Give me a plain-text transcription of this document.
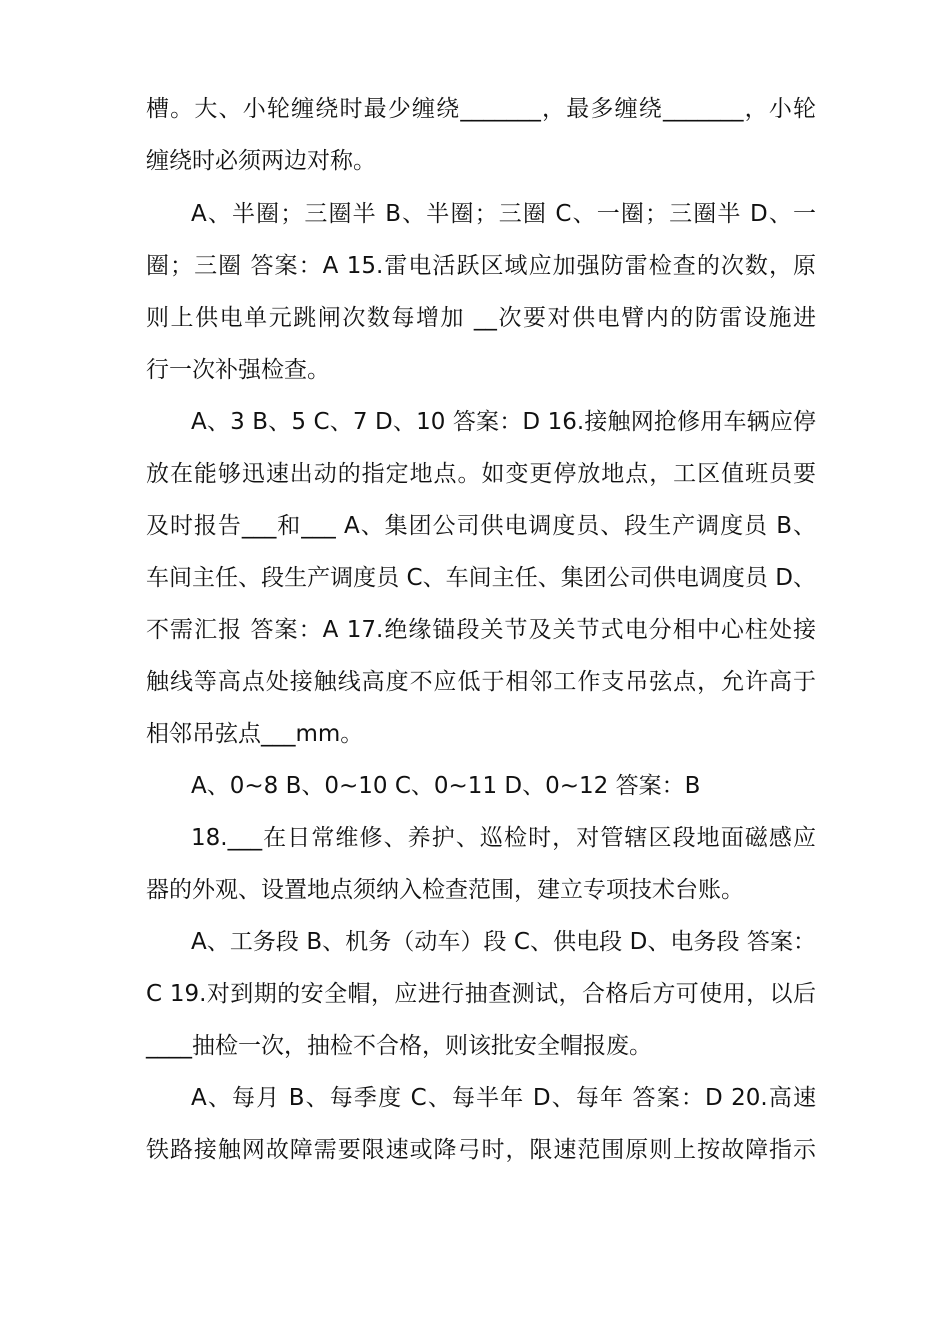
槽。大、小轮缠绕时最少缠绕_______，最多缠绕_______，小轮
缠绕时必须两边对称。
A、半圈；三圈半 B、半圈；三圈 C、一圈；三圈半 D、一
圈；三圈 答案：A 15.雷电活跃区域应加强防雷检查的次数，原
则上供电单元跳闸次数每增加 __次要对供电臂内的防雷设施进
行一次补强检查。
A、3 B、5 C、7 D、10 答案：D 16.接触网抢修用车辆应停
放在能够迅速出动的指定地点。如变更停放地点，工区值班员要
及时报告___和___ A、集团公司供电调度员、段生产调度员 B、
车间主任、段生产调度员 C、车间主任、集团公司供电调度员 D、
不需汇报 答案：A 17.绝缘锚段关节及关节式电分相中心柱处接
触线等高点处接触线高度不应低于相邻工作支吊弦点，允许高于
相邻吊弦点___mm。
A、0~8 B、0~10 C、0~11 D、0~12 答案：B
18.___在日常维修、养护、巡检时，对管辖区段地面磁感应
器的外观、设置地点须纳入检查范围，建立专项技术台账。
A、工务段 B、机务（动车）段 C、供电段 D、电务段 答案：
C 19.对到期的安全帽，应进行抽查测试，合格后方可使用，以后
____抽检一次，抽检不合格，则该批安全帽报废。
A、每月 B、每季度 C、每半年 D、每年 答案：D 20.高速
铁路接触网故障需要限速或降弓时，限速范围原则上按故障指示
